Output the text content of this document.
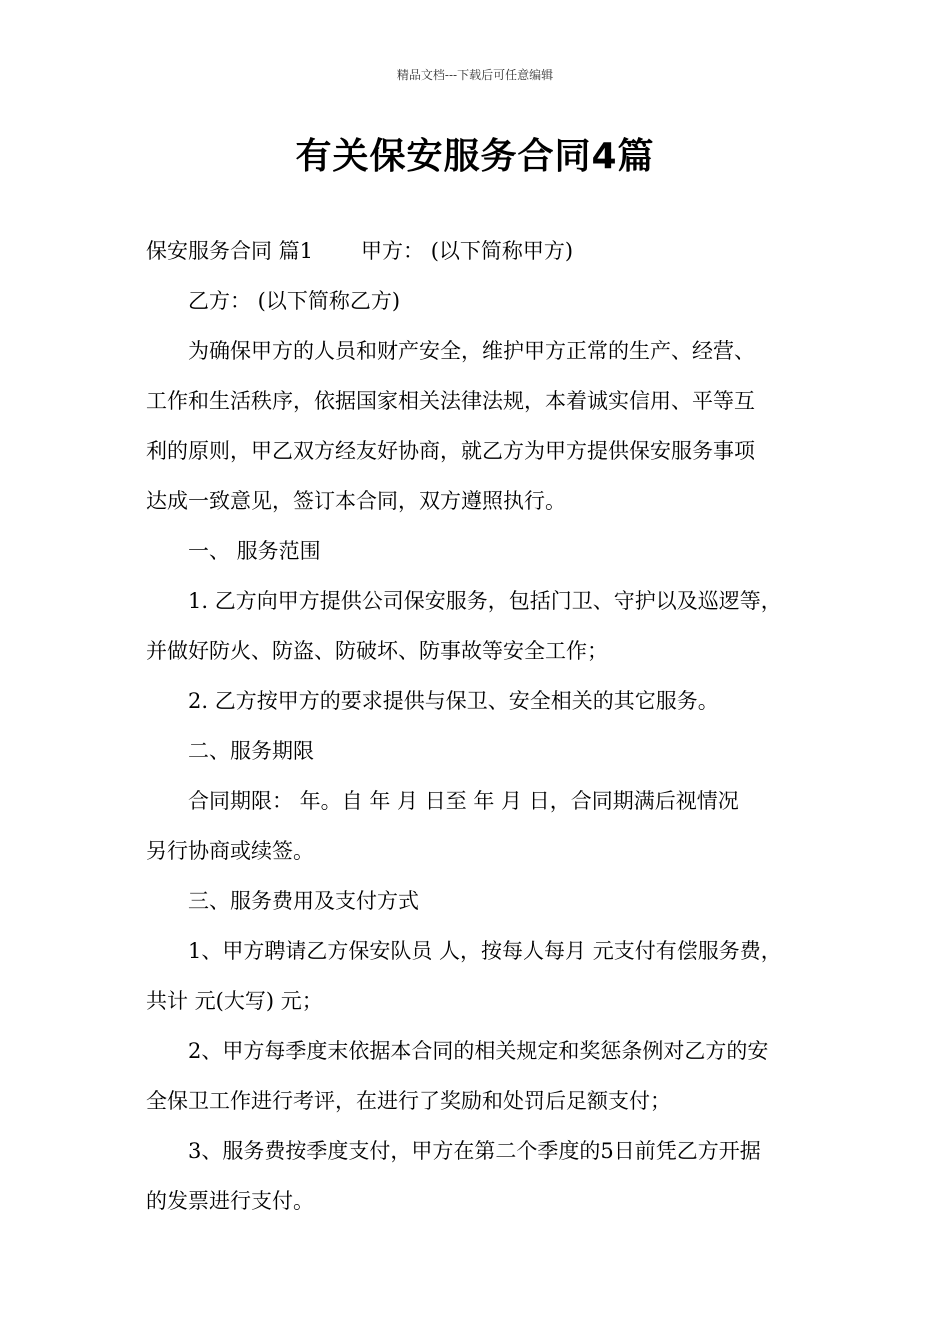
精品文档---下载后可任意编辑
有关保安服务合同4篇
保安服务合同 篇1 甲方： (以下简称甲方)
乙方： (以下简称乙方)
为确保甲方的人员和财产安全，维护甲方正常的生产、经营、
工作和生活秩序，依据国家相关法律法规，本着诚实信用、平等互
利的原则，甲乙双方经友好协商，就乙方为甲方提供保安服务事项
达成一致意见，签订本合同，双方遵照执行。
一、 服务范围
1. 乙方向甲方提供公司保安服务，包括门卫、守护以及巡逻等，
并做好防火、防盗、防破坏、防事故等安全工作；
2. 乙方按甲方的要求提供与保卫、安全相关的其它服务。
二、服务期限
合同期限： 年。自 年 月 日至 年 月 日，合同期满后视情况
另行协商或续签。
三、服务费用及支付方式
1、甲方聘请乙方保安队员 人，按每人每月 元支付有偿服务费，
共计 元(大写) 元；
2、甲方每季度末依据本合同的相关规定和奖惩条例对乙方的安
全保卫工作进行考评，在进行了奖励和处罚后足额支付；
3、服务费按季度支付，甲方在第二个季度的5日前凭乙方开据
的发票进行支付。
